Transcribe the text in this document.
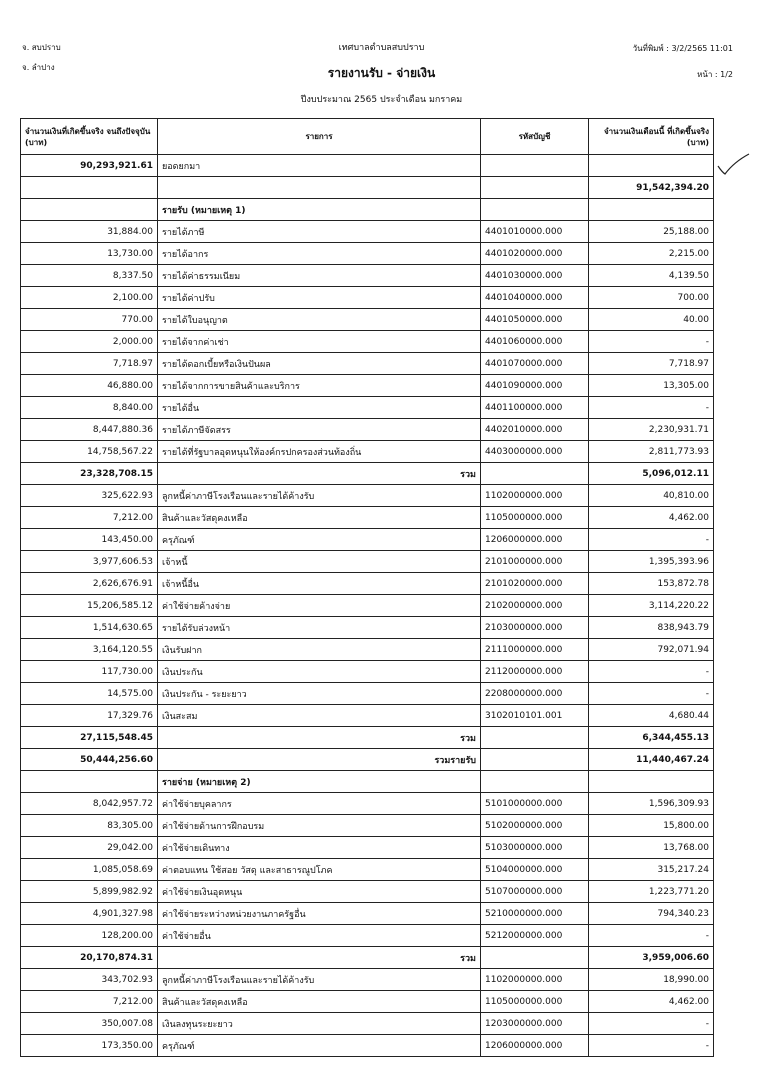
จ. สบปราบ
จ. ลำปาง
เทศบาลตำบลสบปราบ
รายงานรับ - จ่ายเงิน
ปีงบประมาณ 2565 ประจำเดือน มกราคม
วันที่พิมพ์ : 3/2/2565 11:01
หน้า : 1/2
จำนวนเงินที่เกิดขึ้นจริง จนถึงปัจจุบัน (บาท)	รายการ	รหัสบัญชี	จำนวนเงินเดือนนี้ ที่เกิดขึ้นจริง (บาท)
90,293,921.61	ยอดยกมา		
			91,542,394.20
	รายรับ (หมายเหตุ 1)		
31,884.00	รายได้ภาษี	4401010000.000	25,188.00
13,730.00	รายได้อากร	4401020000.000	2,215.00
8,337.50	รายได้ค่าธรรมเนียม	4401030000.000	4,139.50
2,100.00	รายได้ค่าปรับ	4401040000.000	700.00
770.00	รายได้ใบอนุญาต	4401050000.000	40.00
2,000.00	รายได้จากค่าเช่า	4401060000.000	-
7,718.97	รายได้ดอกเบี้ยหรือเงินปันผล	4401070000.000	7,718.97
46,880.00	รายได้จากการขายสินค้าและบริการ	4401090000.000	13,305.00
8,840.00	รายได้อื่น	4401100000.000	-
8,447,880.36	รายได้ภาษีจัดสรร	4402010000.000	2,230,931.71
14,758,567.22	รายได้ที่รัฐบาลอุดหนุนให้องค์กรปกครองส่วนท้องถิ่น	4403000000.000	2,811,773.93
23,328,708.15	รวม		5,096,012.11
325,622.93	ลูกหนี้ค่าภาษีโรงเรือนและรายได้ค้างรับ	1102000000.000	40,810.00
7,212.00	สินค้าและวัสดุคงเหลือ	1105000000.000	4,462.00
143,450.00	ครุภัณฑ์	1206000000.000	-
3,977,606.53	เจ้าหนี้	2101000000.000	1,395,393.96
2,626,676.91	เจ้าหนี้อื่น	2101020000.000	153,872.78
15,206,585.12	ค่าใช้จ่ายค้างจ่าย	2102000000.000	3,114,220.22
1,514,630.65	รายได้รับล่วงหน้า	2103000000.000	838,943.79
3,164,120.55	เงินรับฝาก	2111000000.000	792,071.94
117,730.00	เงินประกัน	2112000000.000	-
14,575.00	เงินประกัน - ระยะยาว	2208000000.000	-
17,329.76	เงินสะสม	3102010101.001	4,680.44
27,115,548.45	รวม		6,344,455.13
50,444,256.60	รวมรายรับ		11,440,467.24
	รายจ่าย (หมายเหตุ 2)		
8,042,957.72	ค่าใช้จ่ายบุคลากร	5101000000.000	1,596,309.93
83,305.00	ค่าใช้จ่ายด้านการฝึกอบรม	5102000000.000	15,800.00
29,042.00	ค่าใช้จ่ายเดินทาง	5103000000.000	13,768.00
1,085,058.69	ค่าตอบแทน ใช้สอย วัสดุ และสาธารณูปโภค	5104000000.000	315,217.24
5,899,982.92	ค่าใช้จ่ายเงินอุดหนุน	5107000000.000	1,223,771.20
4,901,327.98	ค่าใช้จ่ายระหว่างหน่วยงานภาครัฐอื่น	5210000000.000	794,340.23
128,200.00	ค่าใช้จ่ายอื่น	5212000000.000	-
20,170,874.31	รวม		3,959,006.60
343,702.93	ลูกหนี้ค่าภาษีโรงเรือนและรายได้ค้างรับ	1102000000.000	18,990.00
7,212.00	สินค้าและวัสดุคงเหลือ	1105000000.000	4,462.00
350,007.08	เงินลงทุนระยะยาว	1203000000.000	-
173,350.00	ครุภัณฑ์	1206000000.000	-
